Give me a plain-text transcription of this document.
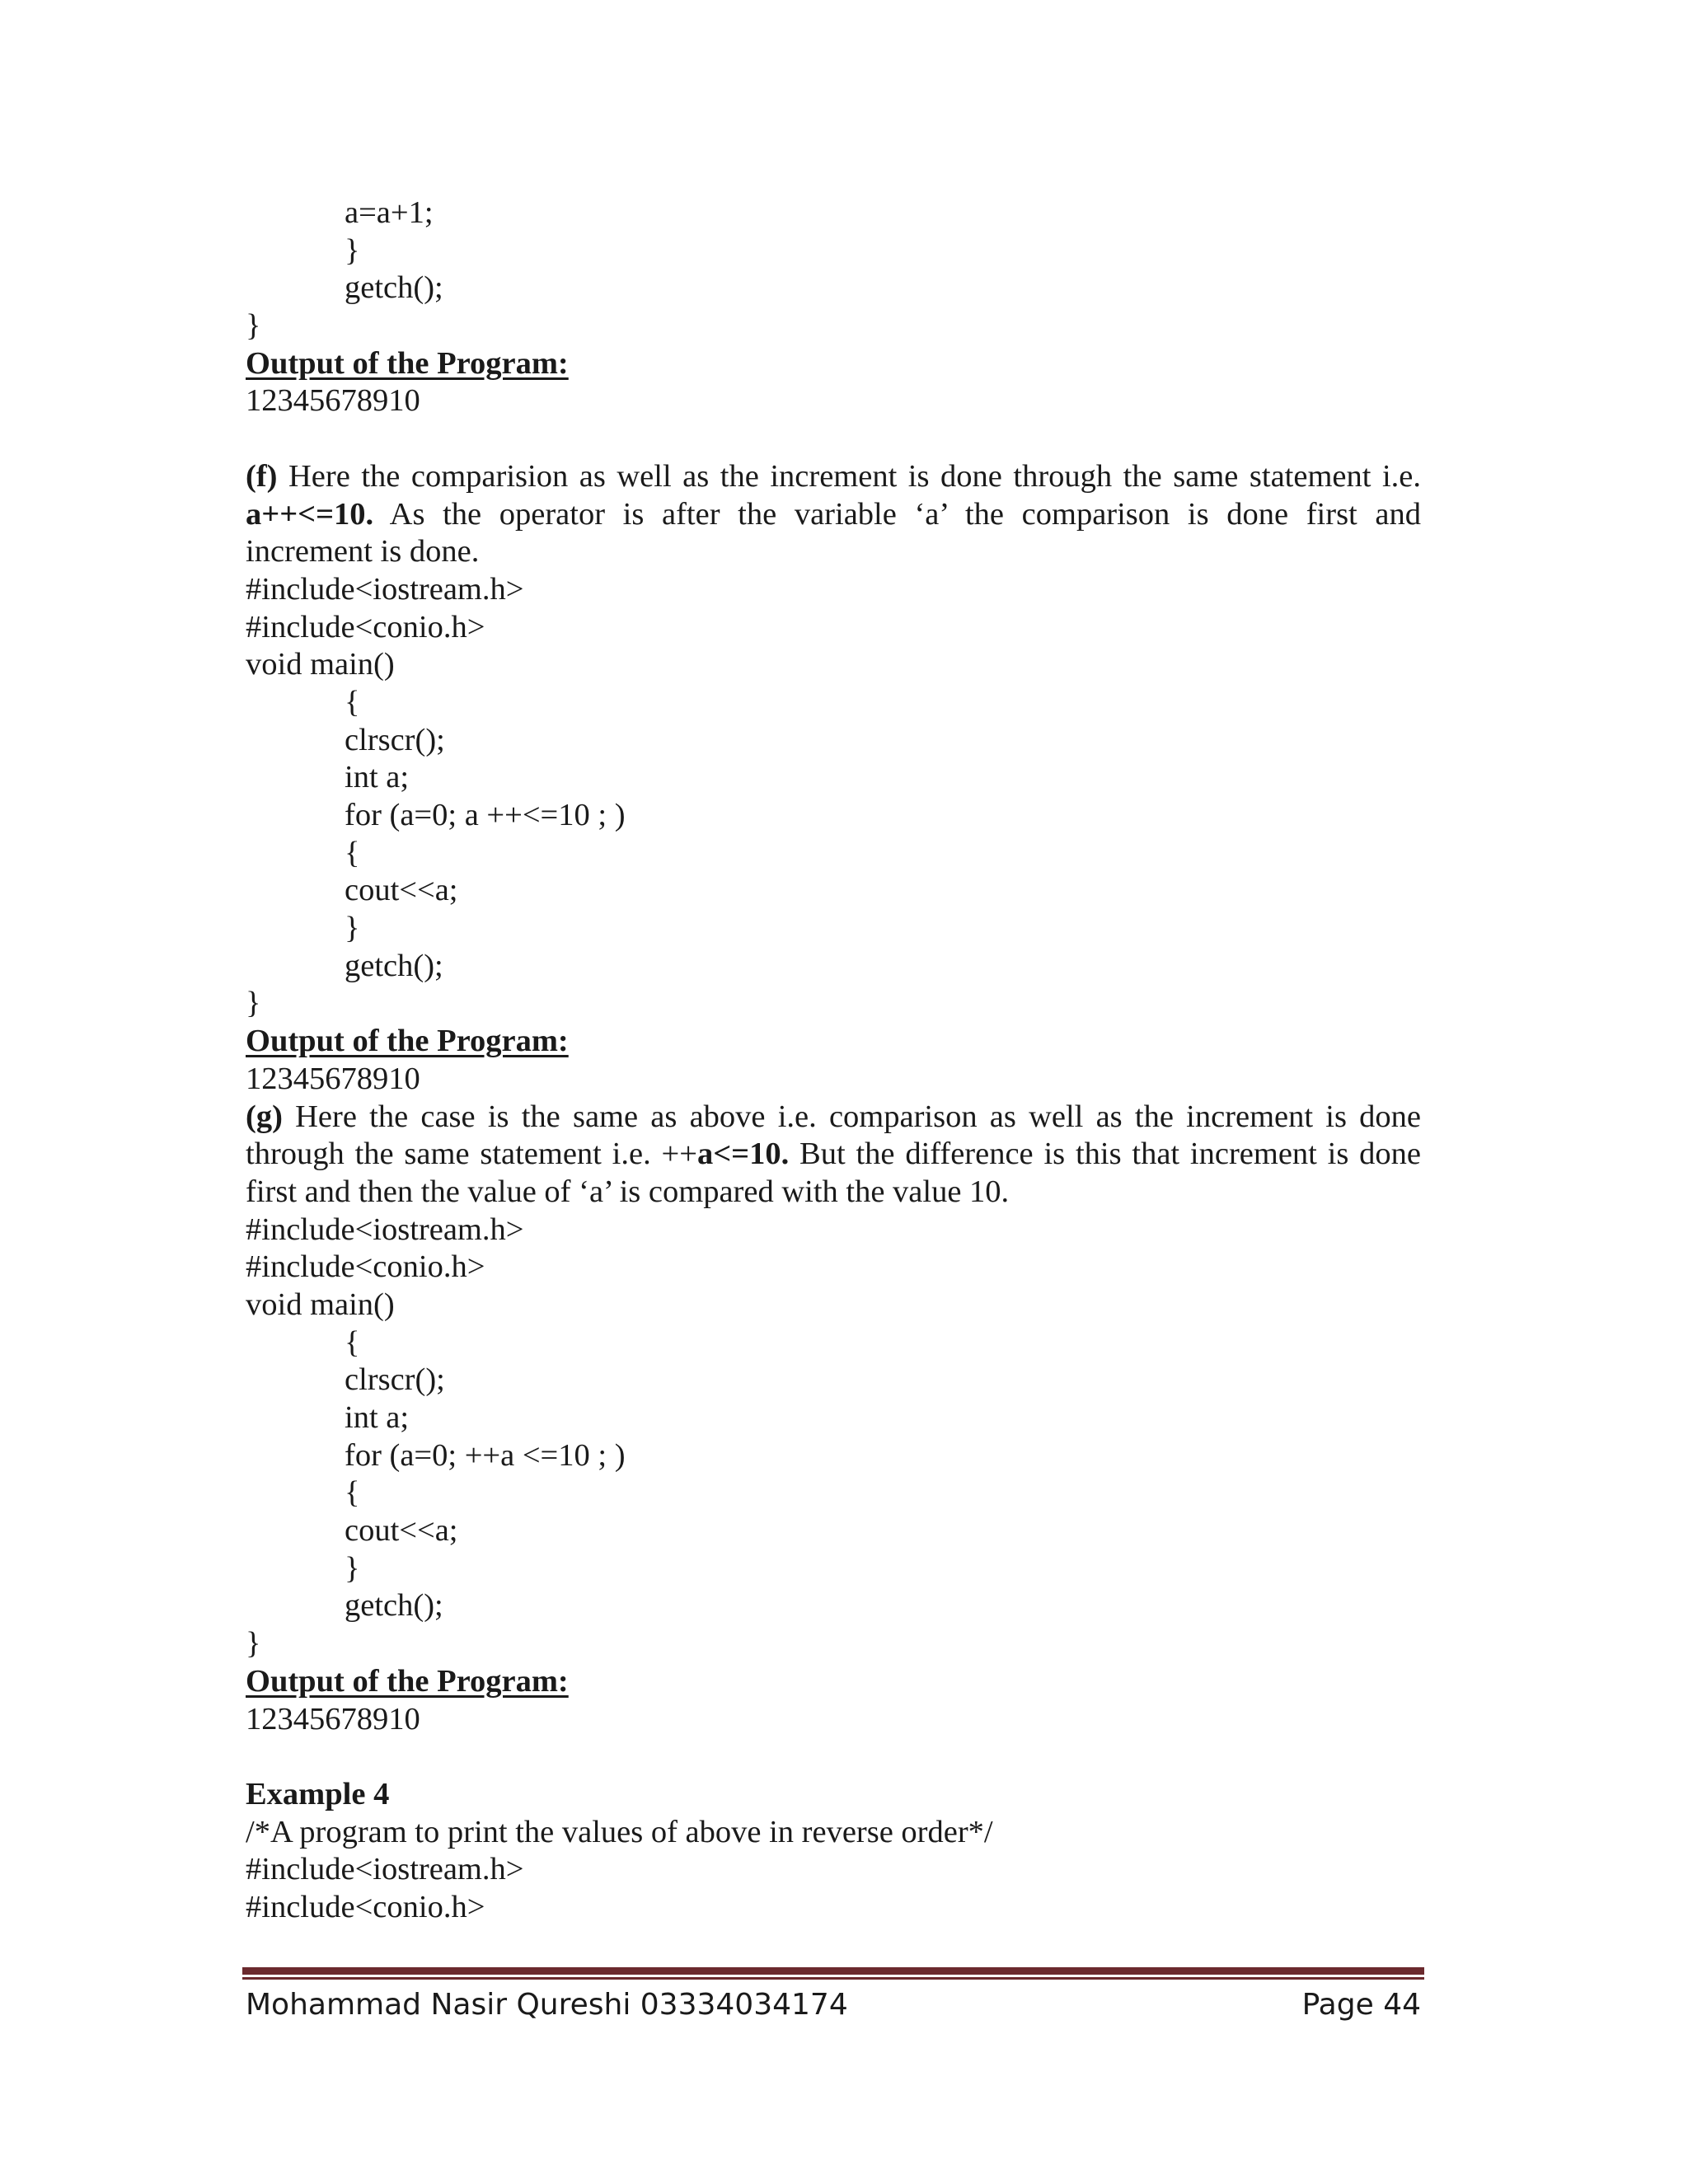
a=a+1;
}
getch();
}
Output of the Program:
12345678910
(f) Here the comparision as well as the increment is done through the same statement i.e.
a++<=10. As the operator is after the variable ‘a’ the comparison is done first and
increment is done.
#include<iostream.h>
#include<conio.h>
void main()
{
clrscr();
int a;
for (a=0; a ++<=10 ; )
{
cout<<a;
}
getch();
}
Output of the Program:
12345678910
(g) Here the case is the same as above i.e. comparison as well as the increment is done
through the same statement i.e. ++a<=10. But the difference is this that increment is done
first and then the value of ‘a’ is compared with the value 10.
#include<iostream.h>
#include<conio.h>
void main()
{
clrscr();
int a;
for (a=0; ++a <=10 ; )
{
cout<<a;
}
getch();
}
Output of the Program:
12345678910
Example 4
/*A program to print the values of above in reverse order*/
#include<iostream.h>
#include<conio.h>
Mohammad Nasir Qureshi 03334034174	Page 44
